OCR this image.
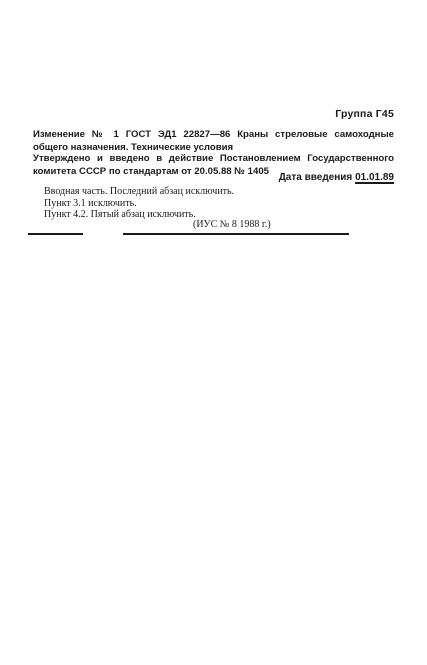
Группа Г45
Изменение № 1 ГОСТ ЭД1 22827—86 Краны стреловые самоходные общего назначения. Технические условия
Утверждено и введено в действие Постановлением Государственного комитета СССР по стандартам от 20.05.88 № 1405
Дата введения 01.01.89
Вводная часть. Последний абзац исключить.
Пункт 3.1 исключить.
Пункт 4.2. Пятый абзац исключить.
(ИУС № 8 1988 г.)
